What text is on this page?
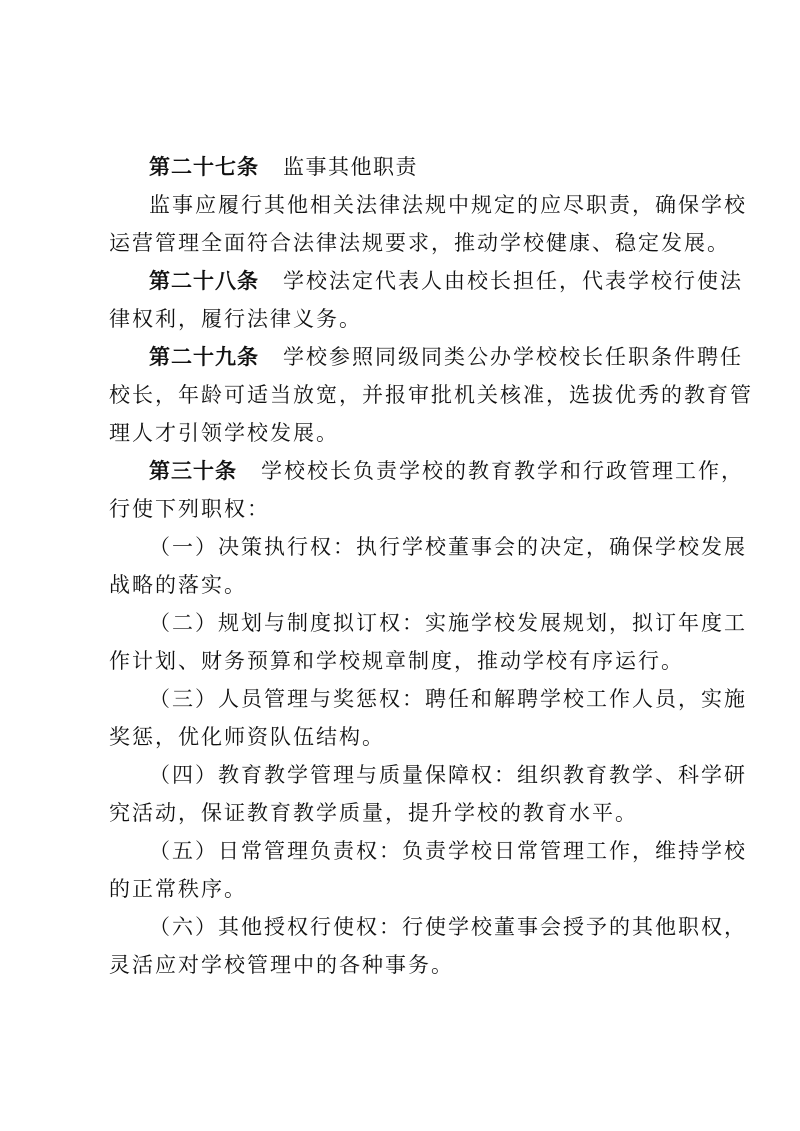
第二十七条 监事其他职责
监事应履行其他相关法律法规中规定的应尽职责，确保学校
运营管理全面符合法律法规要求，推动学校健康、稳定发展。
第二十八条 学校法定代表人由校长担任，代表学校行使法
律权利，履行法律义务。
第二十九条 学校参照同级同类公办学校校长任职条件聘任
校长，年龄可适当放宽，并报审批机关核准，选拔优秀的教育管
理人才引领学校发展。
第三十条 学校校长负责学校的教育教学和行政管理工作，
行使下列职权：
（一）决策执行权：执行学校董事会的决定，确保学校发展
战略的落实。
（二）规划与制度拟订权：实施学校发展规划，拟订年度工
作计划、财务预算和学校规章制度，推动学校有序运行。
（三）人员管理与奖惩权：聘任和解聘学校工作人员，实施
奖惩，优化师资队伍结构。
（四）教育教学管理与质量保障权：组织教育教学、科学研
究活动，保证教育教学质量，提升学校的教育水平。
（五）日常管理负责权：负责学校日常管理工作，维持学校
的正常秩序。
（六）其他授权行使权：行使学校董事会授予的其他职权，
灵活应对学校管理中的各种事务。
